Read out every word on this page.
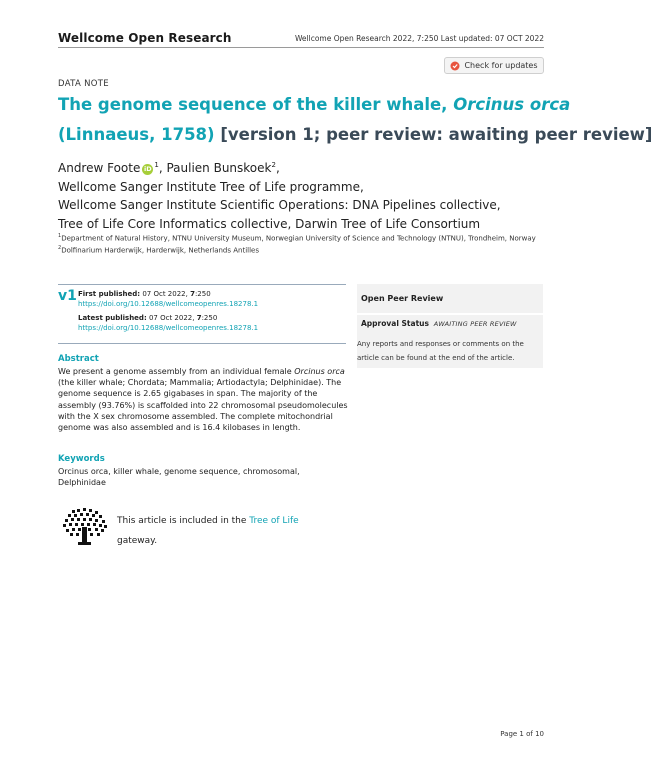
Wellcome Open Research	Wellcome Open Research 2022, 7:250 Last updated: 07 OCT 2022
DATA NOTE
Check for updates
The genome sequence of the killer whale, Orcinus orca
(Linnaeus, 1758) [version 1; peer review: awaiting peer review]
Andrew Foote iD $^1$, Paulien Bunskoek$^2$,
Wellcome Sanger Institute Tree of Life programme,
Wellcome Sanger Institute Scientific Operations: DNA Pipelines collective,
Tree of Life Core Informatics collective, Darwin Tree of Life Consortium
$^1$Department of Natural History, NTNU University Museum, Norwegian University of Science and Technology (NTNU), Trondheim, Norway
$^2$Dolfinarium Harderwijk, Harderwijk, Netherlands Antilles
v1 First published: 07 Oct 2022, 7:250
https://doi.org/10.12688/wellcomeopenres.18278.1
Latest published: 07 Oct 2022, 7:250
https://doi.org/10.12688/wellcomeopenres.18278.1
Open Peer Review
Approval Status AWAITING PEER REVIEW
Any reports and responses or comments on the article can be found at the end of the article.
Abstract
We present a genome assembly from an individual female Orcinus orca (the killer whale; Chordata; Mammalia; Artiodactyla; Delphinidae). The genome sequence is 2.65 gigabases in span. The majority of the assembly (93.76%) is scaffolded into 22 chromosomal pseudomolecules with the X sex chromosome assembled. The complete mitochondrial genome was also assembled and is 16.4 kilobases in length.
Keywords
Orcinus orca, killer whale, genome sequence, chromosomal, Delphinidae
This article is included in the Tree of Life gateway.
Page 1 of 10
